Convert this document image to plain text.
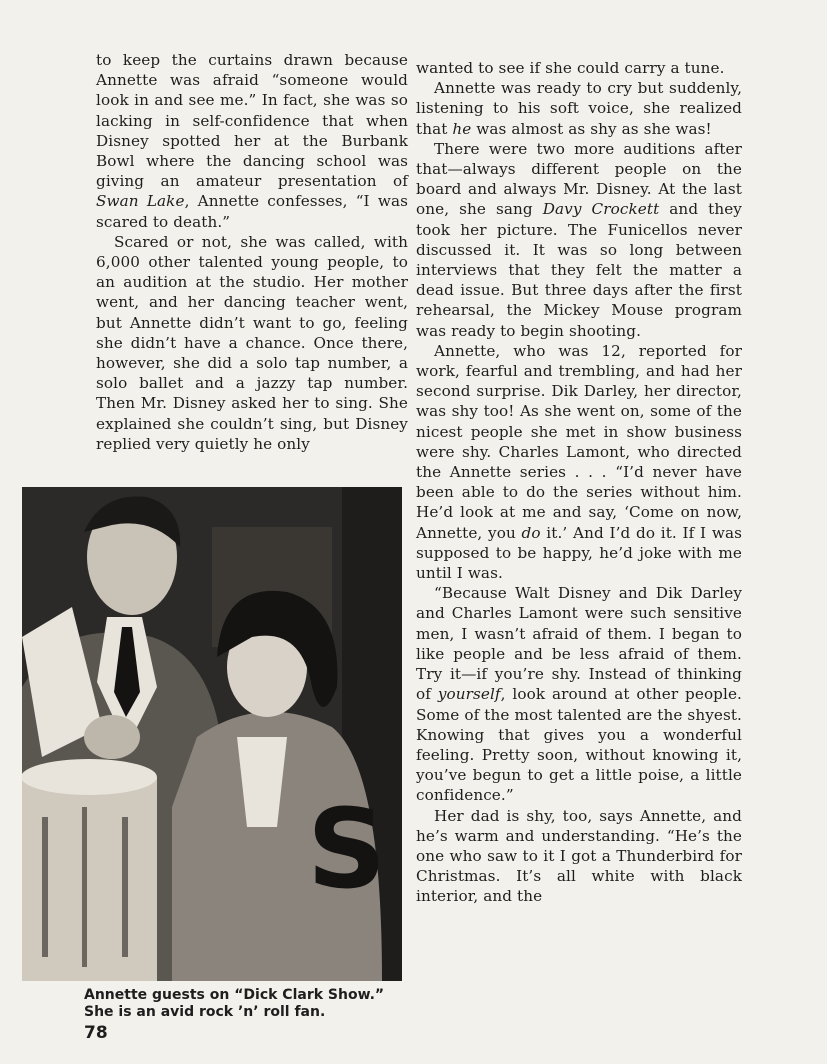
to keep the curtains drawn because Annette was afraid “someone would look in and see me.” In fact, she was so lacking in self-confidence that when Disney spotted her at the Burbank Bowl where the dancing school was giving an amateur presentation of Swan Lake, Annette confesses, “I was scared to death.”

Scared or not, she was called, with 6,000 other talented young people, to an audition at the studio. Her mother went, and her dancing teacher went, but Annette didn’t want to go, feeling she didn’t have a chance. Once there, however, she did a solo tap number, a solo ballet and a jazzy tap number. Then Mr. Disney asked her to sing. She explained she couldn’t sing, but Disney replied very quietly he only

wanted to see if she could carry a tune.

Annette was ready to cry but suddenly, listening to his soft voice, she realized that he was almost as shy as she was!

There were two more auditions after that—always different people on the board and always Mr. Disney. At the last one, she sang Davy Crockett and they took her picture. The Funicellos never discussed it. It was so long between interviews that they felt the matter a dead issue. But three days after the first rehearsal, the Mickey Mouse program was ready to begin shooting.

Annette, who was 12, reported for work, fearful and trembling, and had her second surprise. Dik Darley, her director, was shy too! As she went on, some of the nicest people she met in show business were shy. Charles Lamont, who directed the Annette series . . . “I’d never have been able to do the series without him. He’d look at me and say, ‘Come on now, Annette, you do it.’ And I’d do it. If I was supposed to be happy, he’d joke with me until I was.

“Because Walt Disney and Dik Darley and Charles Lamont were such sensitive men, I wasn’t afraid of them. I began to like people and be less afraid of them. Try it—if you’re shy. Instead of thinking of yourself, look around at other people. Some of the most talented are the shyest. Knowing that gives you a wonderful feeling. Pretty soon, without knowing it, you’ve begun to get a little poise, a little confidence.”

Her dad is shy, too, says Annette, and he’s warm and understanding. “He’s the one who saw to it I got a Thunderbird for Christmas. It’s all white with black interior, and the

S

Annette guests on “Dick Clark Show.”

She is an avid rock ’n’ roll fan.

78
